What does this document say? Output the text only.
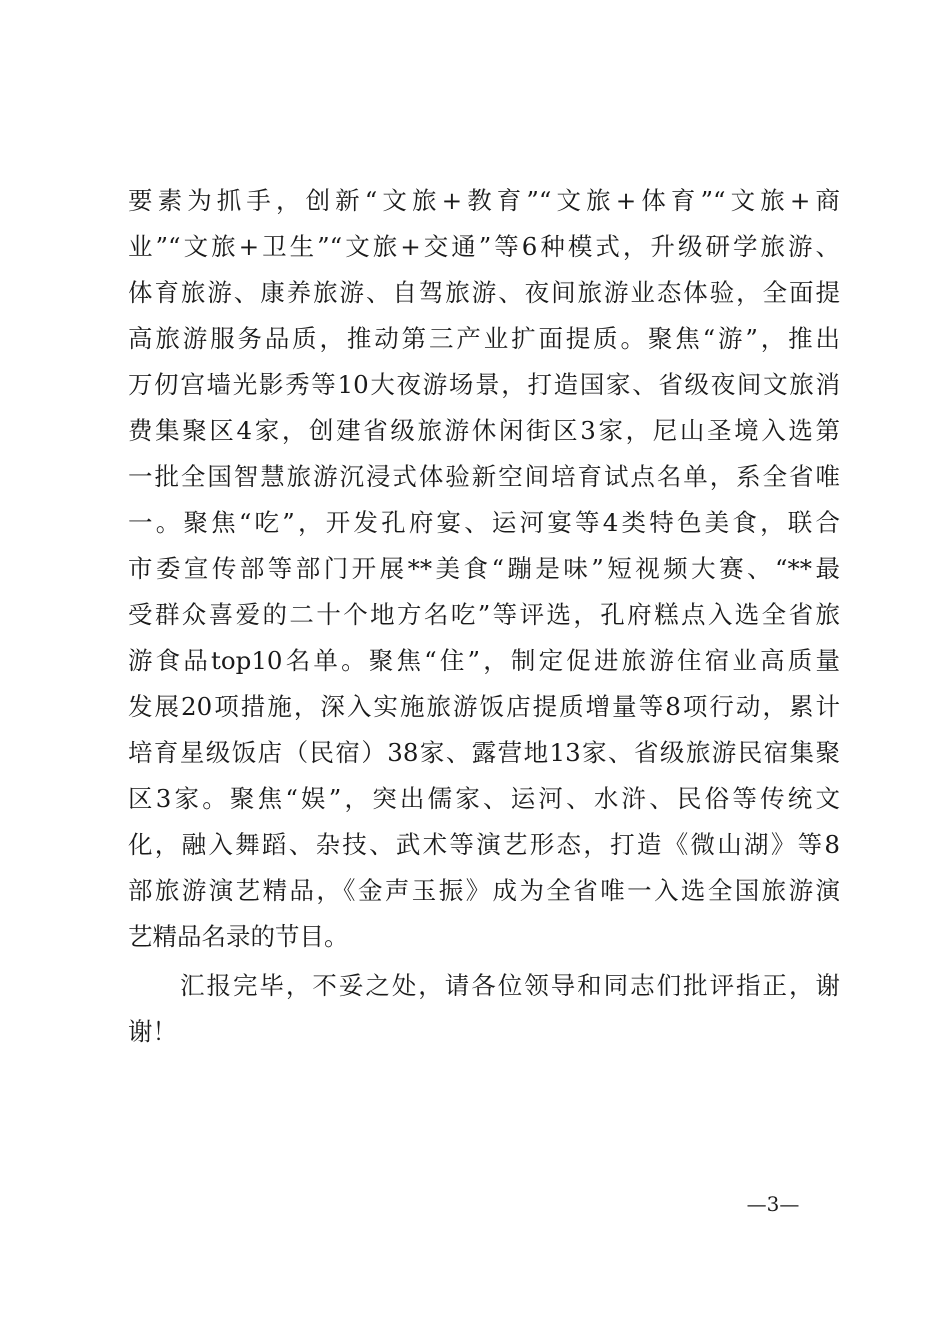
要素为抓手，创新“文旅+教育”“文旅+体育”“文旅+商
业”“文旅+卫生”“文旅+交通”等6种模式，升级研学旅游、
体育旅游、康养旅游、自驾旅游、夜间旅游业态体验，全面提
高旅游服务品质，推动第三产业扩面提质。聚焦“游”，推出
万仞宫墙光影秀等10大夜游场景，打造国家、省级夜间文旅消
费集聚区4家，创建省级旅游休闲街区3家，尼山圣境入选第
一批全国智慧旅游沉浸式体验新空间培育试点名单，系全省唯
一。聚焦“吃”，开发孔府宴、运河宴等4类特色美食，联合
市委宣传部等部门开展**美食“蹦是味”短视频大赛、“**最
受群众喜爱的二十个地方名吃”等评选，孔府糕点入选全省旅
游食品top10名单。聚焦“住”，制定促进旅游住宿业高质量
发展20项措施，深入实施旅游饭店提质增量等8项行动，累计
培育星级饭店（民宿）38家、露营地13家、省级旅游民宿集聚
区3家。聚焦“娱”，突出儒家、运河、水浒、民俗等传统文
化，融入舞蹈、杂技、武术等演艺形态，打造《微山湖》等8
部旅游演艺精品，《金声玉振》成为全省唯一入选全国旅游演
艺精品名录的节目。
汇报完毕，不妥之处，请各位领导和同志们批评指正，谢
谢！
—3—
